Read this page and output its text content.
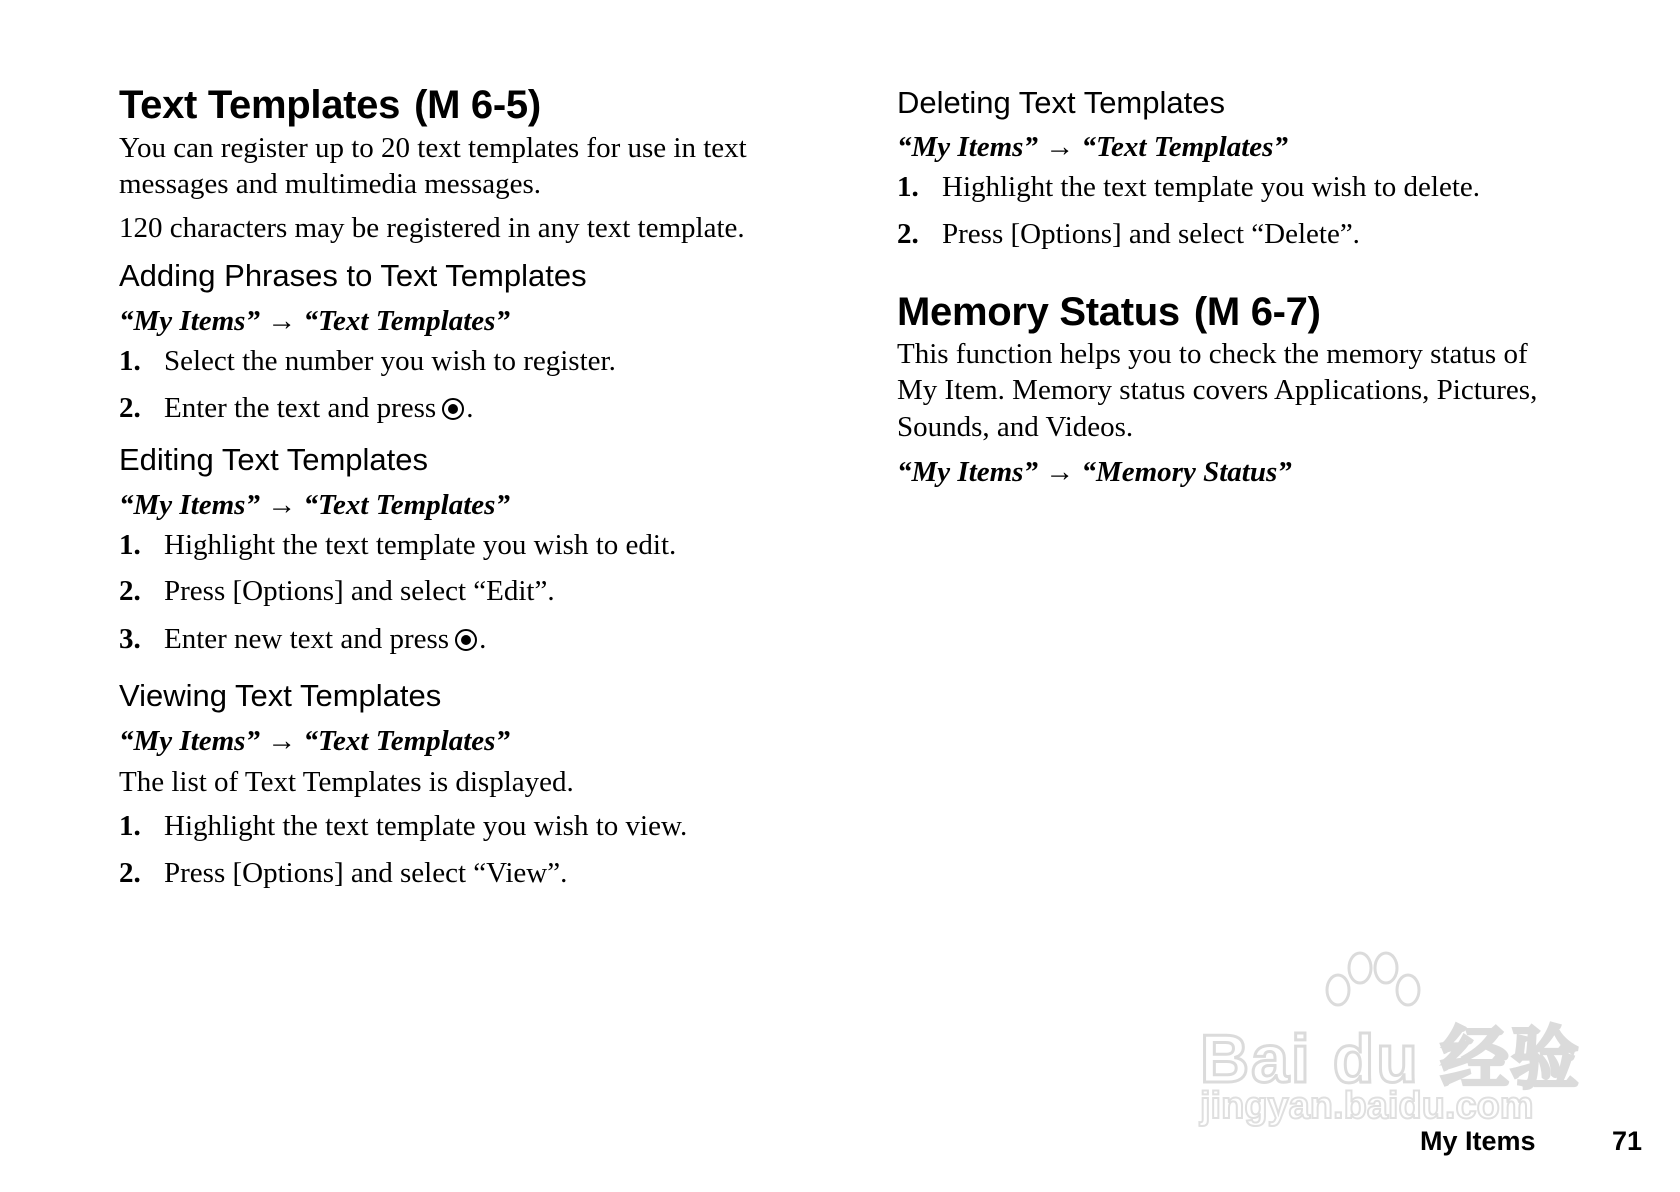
Text Templates (M 6-5)
You can register up to 20 text templates for use in text
messages and multimedia messages.
120 characters may be registered in any text template.
Adding Phrases to Text Templates
“My Items” → “Text Templates”
1. Select the number you wish to register.
2. Enter the text and press .
Editing Text Templates
“My Items” → “Text Templates”
1. Highlight the text template you wish to edit.
2. Press [Options] and select “Edit”.
3. Enter new text and press .
Viewing Text Templates
“My Items” → “Text Templates”
The list of Text Templates is displayed.
1. Highlight the text template you wish to view.
2. Press [Options] and select “View”.
Deleting Text Templates
“My Items” → “Text Templates”
1. Highlight the text template you wish to delete.
2. Press [Options] and select “Delete”.
Memory Status (M 6-7)
This function helps you to check the memory status of
My Item. Memory status covers Applications, Pictures,
Sounds, and Videos.
“My Items” → “Memory Status”
Bai du 经验
jingyan.baidu.com
My Items	71
